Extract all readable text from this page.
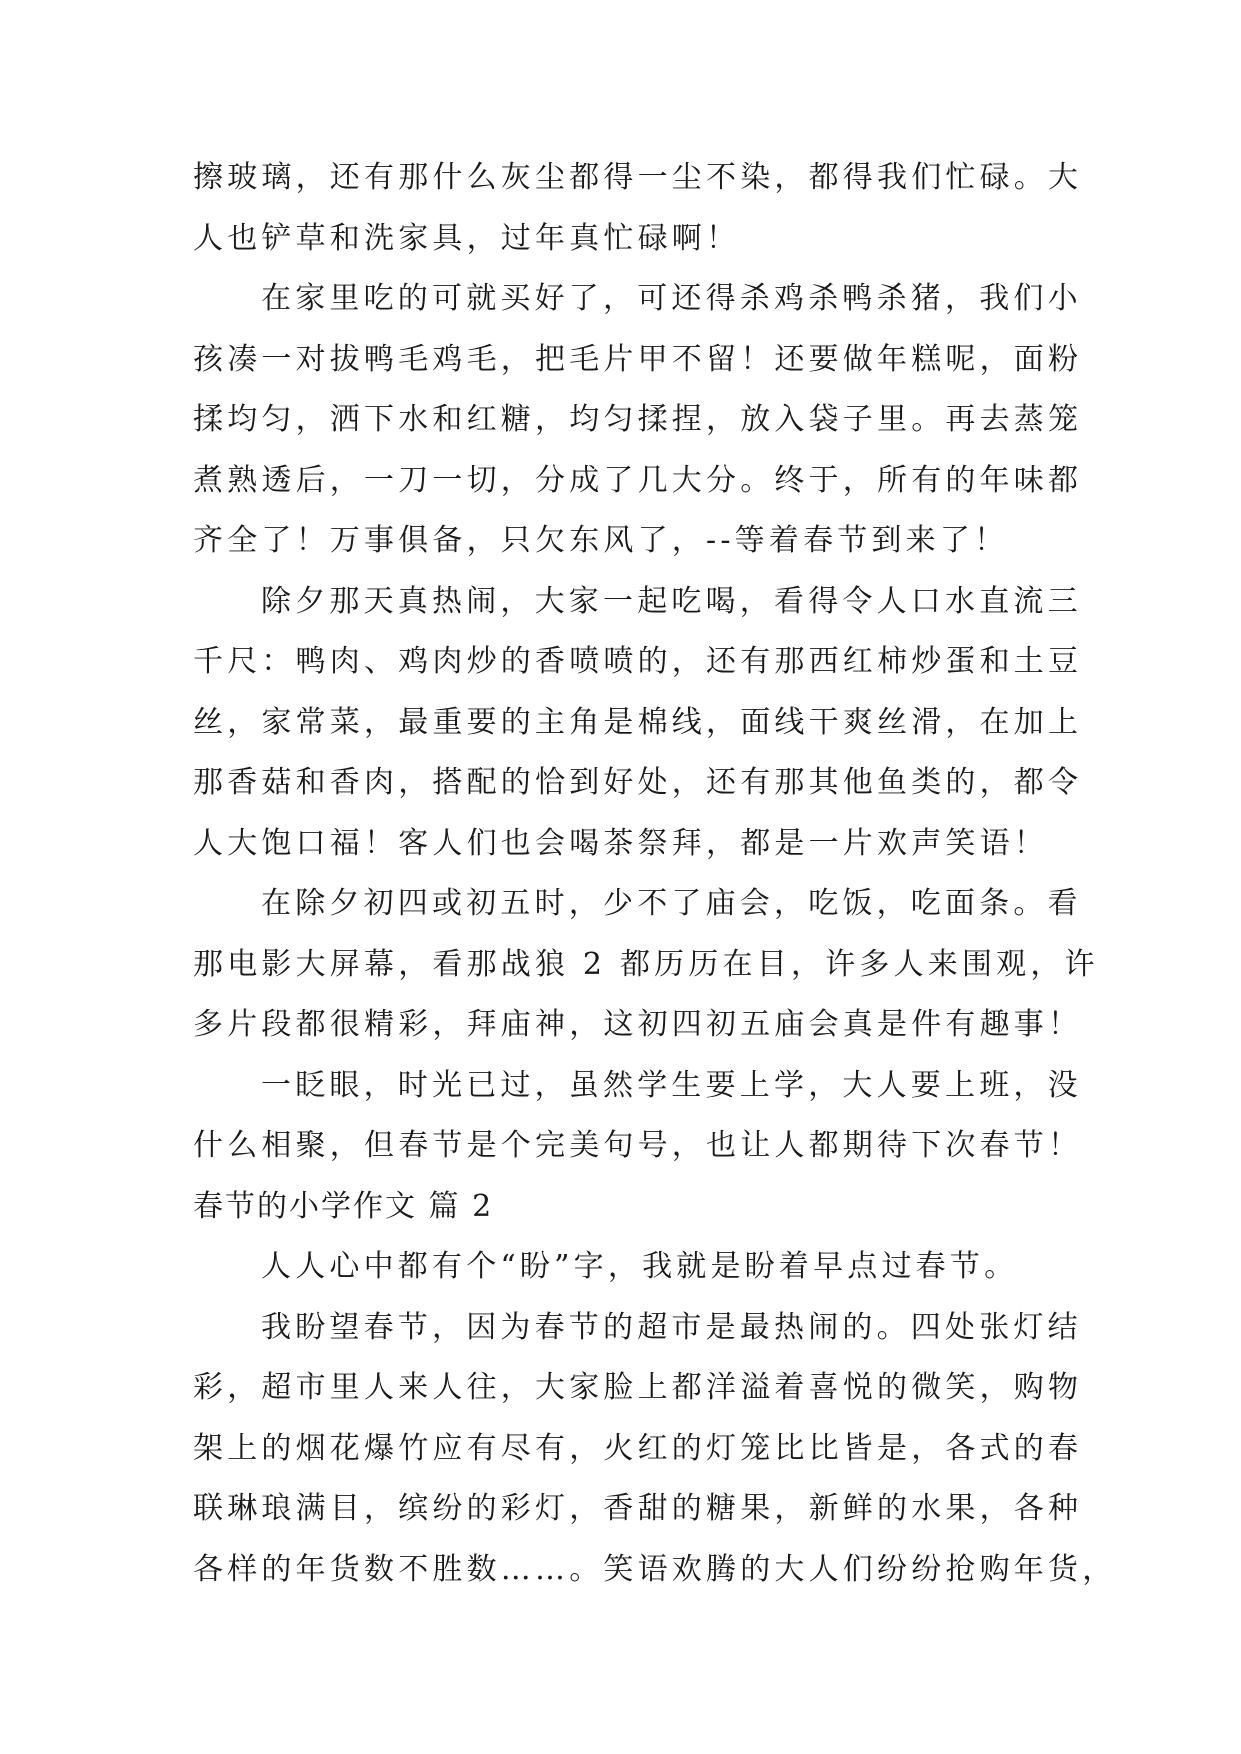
擦玻璃，还有那什么灰尘都得一尘不染，都得我们忙碌。大
人也铲草和洗家具，过年真忙碌啊！
在家里吃的可就买好了，可还得杀鸡杀鸭杀猪，我们小
孩凑一对拔鸭毛鸡毛，把毛片甲不留！还要做年糕呢，面粉
揉均匀，洒下水和红糖，均匀揉捏，放入袋子里。再去蒸笼
煮熟透后，一刀一切，分成了几大分。终于，所有的年味都
齐全了！万事俱备，只欠东风了，--等着春节到来了！
除夕那天真热闹，大家一起吃喝，看得令人口水直流三
千尺：鸭肉、鸡肉炒的香喷喷的，还有那西红柿炒蛋和土豆
丝，家常菜，最重要的主角是棉线，面线干爽丝滑，在加上
那香菇和香肉，搭配的恰到好处，还有那其他鱼类的，都令
人大饱口福！客人们也会喝茶祭拜，都是一片欢声笑语！
在除夕初四或初五时，少不了庙会，吃饭，吃面条。看
那电影大屏幕，看那战狼 2 都历历在目，许多人来围观，许
多片段都很精彩，拜庙神，这初四初五庙会真是件有趣事！
一眨眼，时光已过，虽然学生要上学，大人要上班，没
什么相聚，但春节是个完美句号，也让人都期待下次春节！
春节的小学作文 篇 2
人人心中都有个“盼”字，我就是盼着早点过春节。
我盼望春节，因为春节的超市是最热闹的。四处张灯结
彩，超市里人来人往，大家脸上都洋溢着喜悦的微笑，购物
架上的烟花爆竹应有尽有，火红的灯笼比比皆是，各式的春
联琳琅满目，缤纷的彩灯，香甜的糖果，新鲜的水果，各种
各样的年货数不胜数……。笑语欢腾的大人们纷纷抢购年货，
